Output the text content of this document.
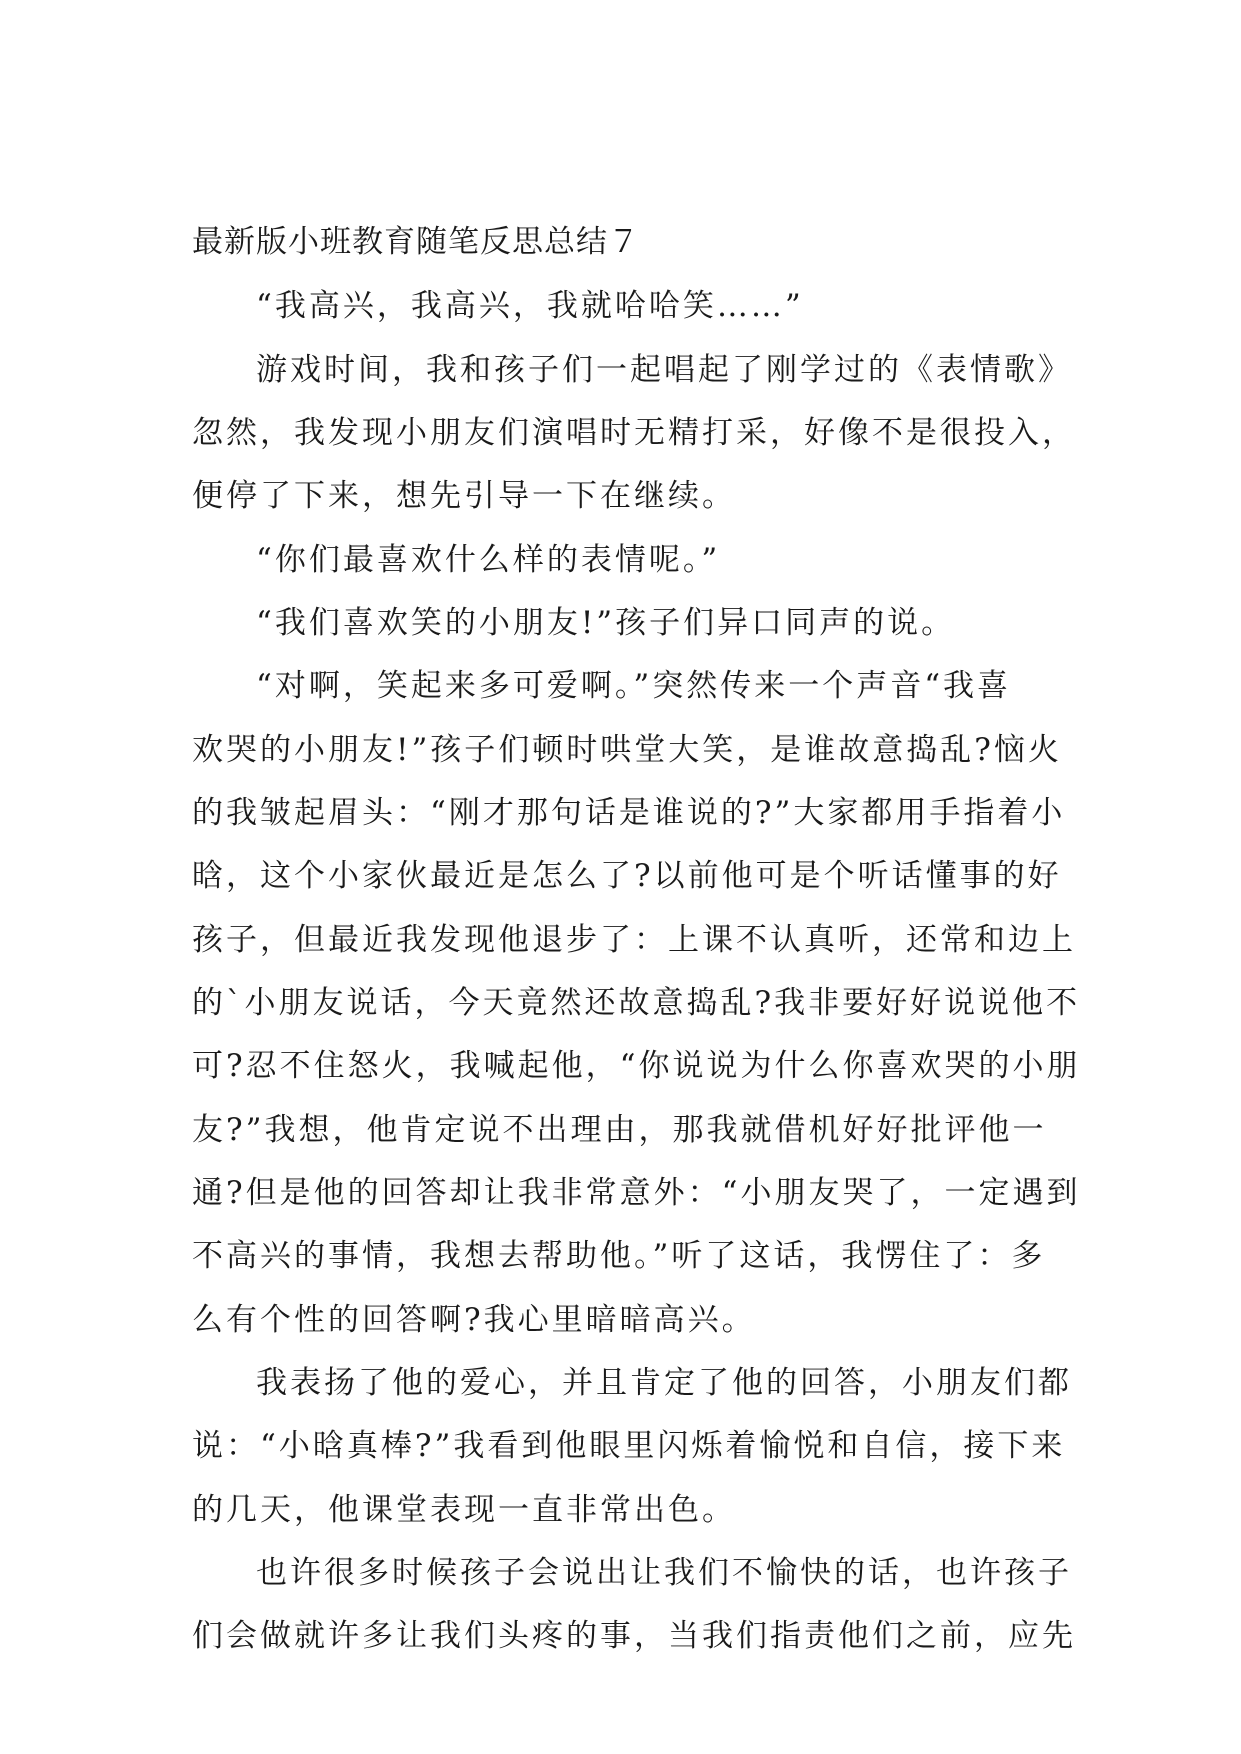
最新版小班教育随笔反思总结７
“我高兴，我高兴，我就哈哈笑……”
游戏时间，我和孩子们一起唱起了刚学过的《表情歌》
忽然，我发现小朋友们演唱时无精打采，好像不是很投入，
便停了下来，想先引导一下在继续。
“你们最喜欢什么样的表情呢。”
“我们喜欢笑的小朋友!”孩子们异口同声的说。
“对啊，笑起来多可爱啊。”突然传来一个声音“我喜
欢哭的小朋友!”孩子们顿时哄堂大笑，是谁故意捣乱?恼火
的我皱起眉头：“刚才那句话是谁说的?”大家都用手指着小
晗，这个小家伙最近是怎么了?以前他可是个听话懂事的好
孩子，但最近我发现他退步了：上课不认真听，还常和边上
的`小朋友说话，今天竟然还故意捣乱?我非要好好说说他不
可?忍不住怒火，我喊起他，“你说说为什么你喜欢哭的小朋
友?”我想，他肯定说不出理由，那我就借机好好批评他一
通?但是他的回答却让我非常意外：“小朋友哭了，一定遇到
不高兴的事情，我想去帮助他。”听了这话，我愣住了：多
么有个性的回答啊?我心里暗暗高兴。
我表扬了他的爱心，并且肯定了他的回答，小朋友们都
说：“小晗真棒?”我看到他眼里闪烁着愉悦和自信，接下来
的几天，他课堂表现一直非常出色。
也许很多时候孩子会说出让我们不愉快的话，也许孩子
们会做就许多让我们头疼的事，当我们指责他们之前，应先
